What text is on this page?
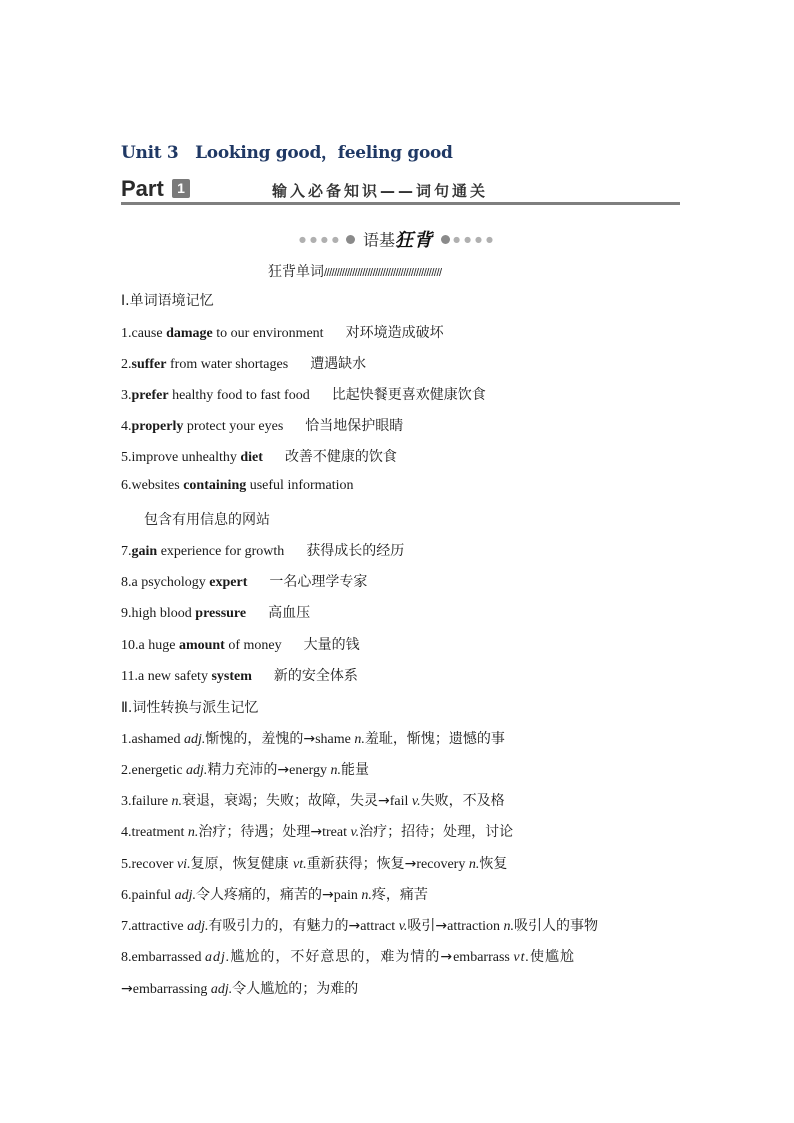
Unit 3　Looking good，feeling good
Part 1	输入必备知识——词句通关
●●●● 语基狂背	●●●●
狂背单词//////////////////////////////////////////////
Ⅰ.单词语境记忆
1.cause damage to our environment 对环境造成破坏
2.suffer from water shortages 遭遇缺水
3.prefer healthy food to fast food 比起快餐更喜欢健康饮食
4.properly protect your eyes 恰当地保护眼睛
5.improve unhealthy diet 改善不健康的饮食
6.websites containing useful information
包含有用信息的网站
7.gain experience for growth 获得成长的经历
8.a psychology expert 一名心理学专家
9.high blood pressure 高血压
10.a huge amount of money 大量的钱
11.a new safety system 新的安全体系
Ⅱ.词性转换与派生记忆
1.ashamed adj.惭愧的，羞愧的→shame n.羞耻，惭愧；遗憾的事
2.energetic adj.精力充沛的→energy n.能量
3.failure n.衰退，衰竭；失败；故障，失灵→fail v.失败，不及格
4.treatment n.治疗；待遇；处理→treat v.治疗；招待；处理，讨论
5.recover vi.复原，恢复健康 vt.重新获得；恢复→recovery n.恢复
6.painful adj.令人疼痛的，痛苦的→pain n.疼，痛苦
7.attractive adj.有吸引力的，有魅力的→attract v.吸引→attraction n.吸引人的事物
8.embarrassed adj.尴尬的，不好意思的，难为情的→embarrass vt.使尴尬
→embarrassing adj.令人尴尬的；为难的
